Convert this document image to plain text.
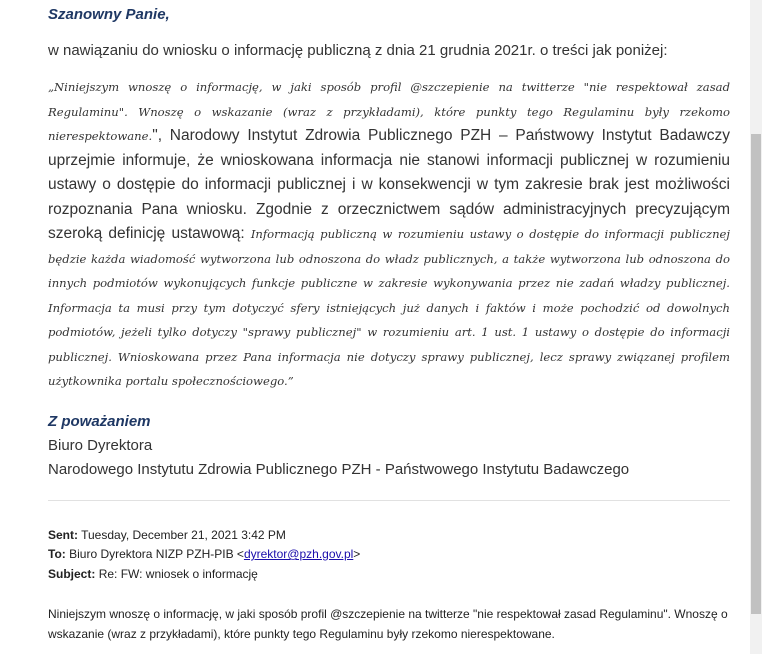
Szanowny Panie,
w nawiązaniu do wniosku o informację publiczną z dnia 21 grudnia 2021r. o treści jak poniżej:
„Niniejszym wnoszę o informację, w jaki sposób profil @szczepienie na twitterze "nie respektował zasad Regulaminu". Wnoszę o wskazanie (wraz z przykładami), które punkty tego Regulaminu były rzekomo nierespektowane.", Narodowy Instytut Zdrowia Publicznego PZH – Państwowy Instytut Badawczy uprzejmie informuje, że wnioskowana informacja nie stanowi informacji publicznej w rozumieniu ustawy o dostępie do informacji publicznej i w konsekwencji w tym zakresie brak jest możliwości rozpoznania Pana wniosku. Zgodnie z orzecznictwem sądów administracyjnych precyzującym szeroką definicję ustawową: Informacją publiczną w rozumieniu ustawy o dostępie do informacji publicznej będzie każda wiadomość wytworzona lub odnoszona do władz publicznych, a także wytworzona lub odnoszona do innych podmiotów wykonujących funkcje publiczne w zakresie wykonywania przez nie zadań władzy publicznej. Informacja ta musi przy tym dotyczyć sfery istniejących już danych i faktów i może pochodzić od dowolnych podmiotów, jeżeli tylko dotyczy "sprawy publicznej" w rozumieniu art. 1 ust. 1 ustawy o dostępie do informacji publicznej. Wnioskowana przez Pana informacja nie dotyczy sprawy publicznej, lecz sprawy związanej profilem użytkownika portalu społecznościowego.”
Z poważaniem
Biuro Dyrektora
Narodowego Instytutu Zdrowia Publicznego PZH - Państwowego Instytutu Badawczego
Sent: Tuesday, December 21, 2021 3:42 PM
To: Biuro Dyrektora NIZP PZH-PIB <dyrektor@pzh.gov.pl>
Subject: Re: FW: wniosek o informację
Niniejszym wnoszę o informację, w jaki sposób profil @szczepienie na twitterze "nie respektował zasad Regulaminu". Wnoszę o wskazanie (wraz z przykładami), które punkty tego Regulaminu były rzekomo nierespektowane.
